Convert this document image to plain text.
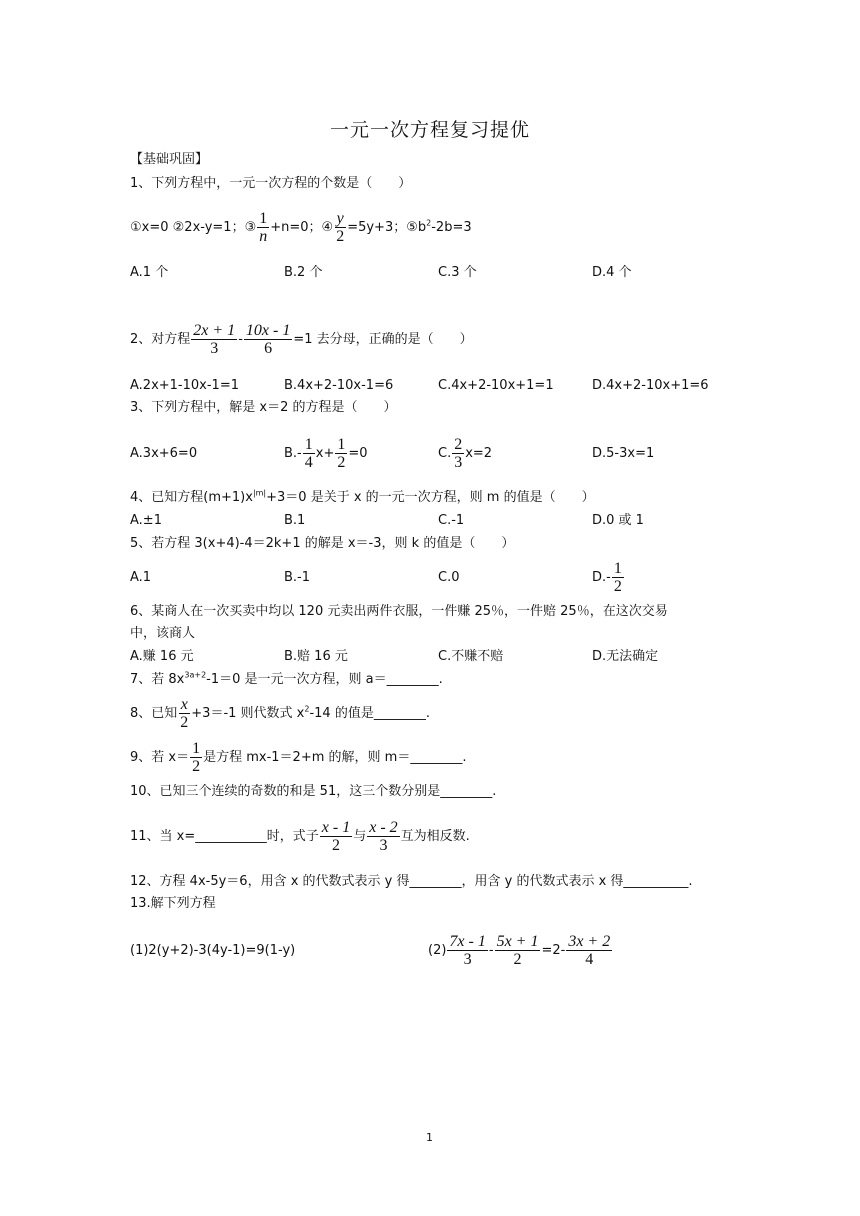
一元一次方程复习提优
【基础巩固】
1、下列方程中，一元一次方程的个数是（　　）
①x=0 ②2x-y=1；③ $\frac{1}{n} +n=0$；④ $\frac{y}{2} =5y+3$；$⑤b^2-2b=3$
A.1 个	B.2 个	C.3 个	D.4 个
2、对方程 $\frac{2x + 1}{3} - \frac{10x - 1}{6} =1$ 去分母，正确的是（　　）
A.2x+1-10x-1=1	B.4x+2-10x-1=6	C.4x+2-10x+1=1	D.4x+2-10x+1=6
3、下列方程中，解是 x＝2 的方程是（　　）
A.3x+6=0	$B.- \frac{1}{4} x+ \frac{1}{2} =0$	C. $\frac{2}{3} x=2$	D.5-3x=1
4、已知方程$(m+1)x^{|m|}+3=0$ 是关于 x 的一元一次方程，则 m 的值是（　　）
A.±1	B.1	C.-1	D.0 或 1
5、若方程 3(x+4)-4＝2k+1 的解是 x＝-3，则 k 的值是（　　）
A.1	B.-1	C.0	$D.- \frac{1}{2}$
6、某商人在一次买卖中均以 120 元卖出两件衣服，一件赚 25％，一件赔 25％，在这次交易
中，该商人
A.赚 16 元	B.赔 16 元	C.不赚不赔	D.无法确定
7、若 $8x^{3a+2}-1=0$ 是一元一次方程，则 a＝________.
8、已知 $\frac{x}{2} +3=-1$ 则代数式 $x^2-14$ 的值是________.
9、若 $x= \frac{1}{2}$ 是方程 mx-1＝2+m 的解，则 m＝________.
10、已知三个连续的奇数的和是 51，这三个数分别是________.
11、当 x=___________时，式子 $\frac{x - 1}{2}$ 与 $\frac{x - 2}{3}$ 互为相反数.
12、方程 4x-5y＝6，用含 x 的代数式表示 y 得________，用含 y 的代数式表示 x 得__________.
13.解下列方程
(1)2(y+2)-3(4y-1)=9(1-y)	$(2) \frac{7x - 1}{3} - \frac{5x + 1}{2} =2- \frac{3x + 2}{4}$
1
